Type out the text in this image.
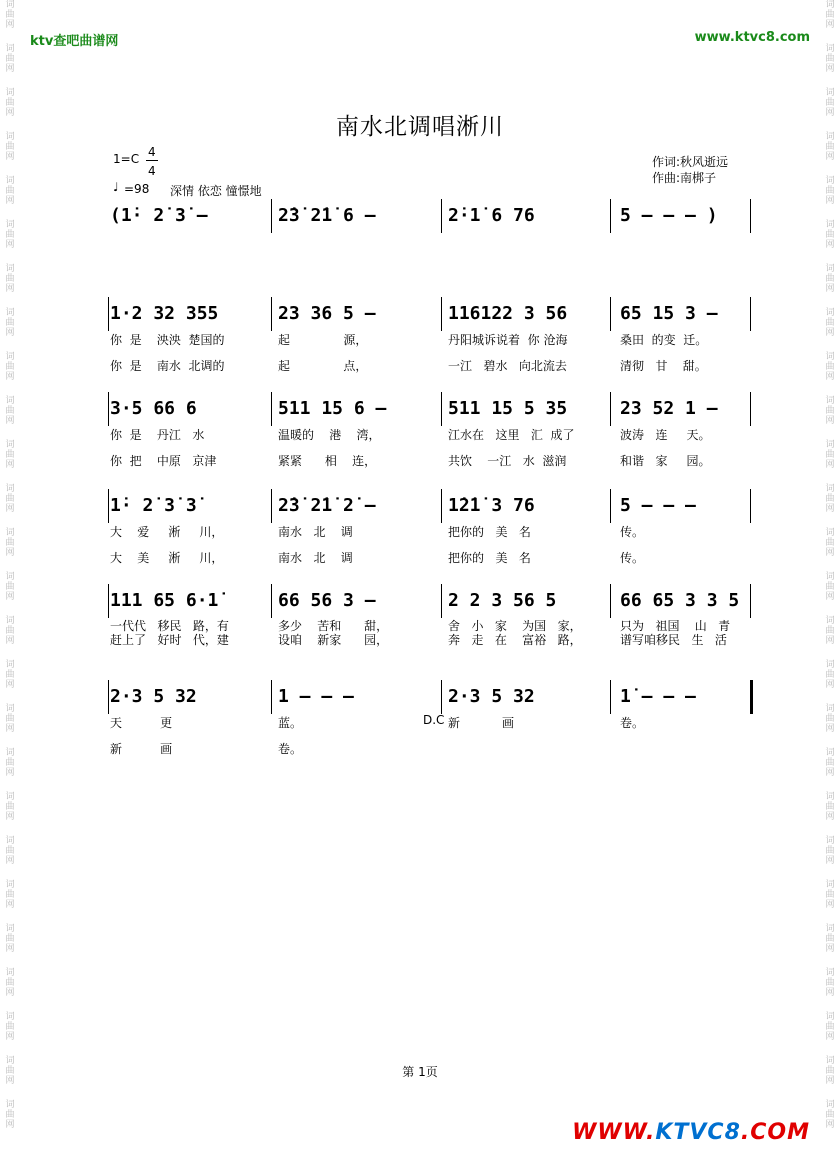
词曲网
词曲网
词曲网
词曲网
词曲网
词曲网
词曲网
词曲网
词曲网
词曲网
词曲网
词曲网
词曲网
词曲网
词曲网
词曲网
词曲网
词曲网
词曲网
词曲网
词曲网
词曲网
词曲网
词曲网
词曲网
词曲网
词曲网
词曲网
词曲网
词曲网
词曲网
词曲网
词曲网
词曲网
词曲网
词曲网
词曲网
词曲网
词曲网
词曲网
词曲网
词曲网
词曲网
词曲网
词曲网
词曲网
词曲网
词曲网
词曲网
词曲网
词曲网
词曲网
ktv查吧曲谱网	www.ktvc8.com
南水北调唱淅川
1=C 4
4
♩ =98 深情 依恋 憧憬地
作词:秋风逝远
作曲:南梆子
(1̇· 2̇ 3̇ –	2̇3̇ 2̇1̇ 6 –	2̇·1̇ 6 76	5 – – – )
1·2 32 355	23 36 5 –	116122 3 56	65 15 3 –
你  是    泱泱  楚国的	起              源，	丹阳城诉说着  你 沧海	桑田  的变  迁。
你  是    南水  北调的	起              点，	一江   碧水   向北流去	清彻   甘    甜。
3·5 66 6	511 15 6 –	511 15 5 35	23 52 1 –
你  是    丹江   水	温暖的    港    湾，	江水在   这里   汇  成了	波涛   连     天。
你  把    中原   京津	紧紧      相    连，	共饮    一江   水  滋润	和谐   家     园。
1̇· 2̇ 3̇ 3̇	2̇3̇ 2̇1̇ 2̇ –	1̇2̇1̇ 3 76	5 – – –
大    爱     淅     川，	南水   北    调	把你的   美   名	传。
大    美     淅     川，	南水   北    调	把你的   美   名	传。
111 65 6·1̇	66 56 3 –	2 2 3 56 5	66 65 3 3 5
一代代   移民   路，有	多少    苦和      甜，	舍   小   家    为国   家，	只为   祖国    山   青
赶上了   好时   代，建	设咱    新家      园，	奔   走   在    富裕   路，	谱写咱移民   生   活
2·3 5 32	1 – – –	2·3 5 32	1̇ – – –
天          更	蓝。	新           画	卷。
新          画	卷。
D.C
第 1页
WWW.KTVC8.COM
